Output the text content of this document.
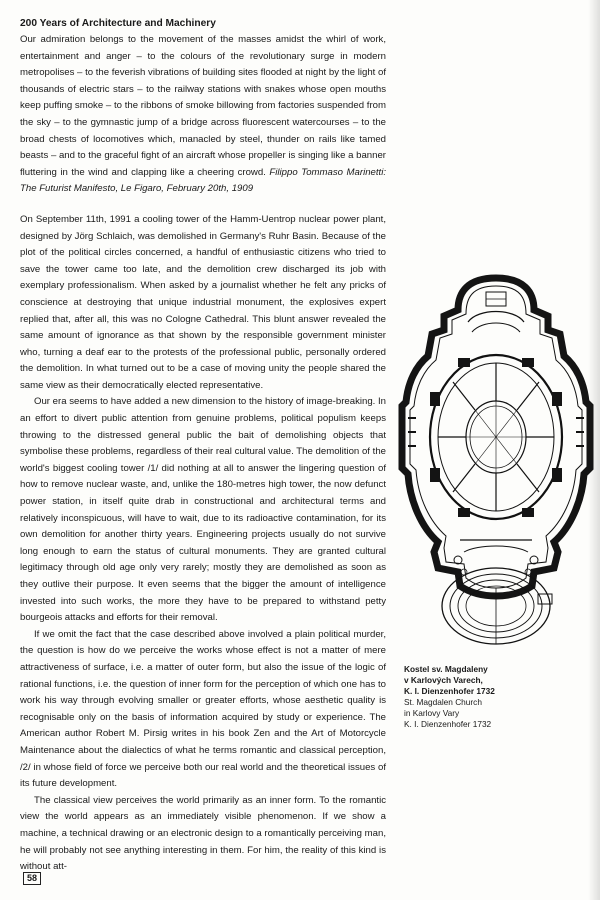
200 Years of Architecture and Machinery

Our admiration belongs to the movement of the masses amidst the whirl of work, entertainment and anger – to the colours of the revolutionary surge in modern metropolises – to the feverish vibrations of building sites flooded at night by the light of thousands of electric stars – to the railway stations with snakes whose open mouths keep puffing smoke – to the ribbons of smoke billowing from factories suspended from the sky – to the gymnastic jump of a bridge across fluorescent watercourses – to the broad chests of locomotives which, manacled by steel, thunder on rails like tamed beasts – and to the graceful fight of an aircraft whose propeller is singing like a banner fluttering in the wind and clapping like a cheering crowd. Filippo Tommaso Marinetti: The Futurist Manifesto, Le Figaro, February 20th, 1909

On September 11th, 1991 a cooling tower of the Hamm-Uentrop nuclear power plant, designed by Jörg Schlaich, was demolished in Germany's Ruhr Basin. Because of the plot of the political circles concerned, a handful of enthusiastic citizens who tried to save the tower came too late, and the demolition crew discharged its job with exemplary professionalism. When asked by a journalist whether he felt any pricks of conscience at destroying that unique industrial monument, the explosives expert replied that, after all, this was no Cologne Cathedral. This blunt answer revealed the same amount of ignorance as that shown by the responsible government minister who, turning a deaf ear to the protests of the professional public, personally ordered the demolition. In what turned out to be a case of moving unity the people shared the same view as their democratically elected representative.

Our era seems to have added a new dimension to the history of image-breaking. In an effort to divert public attention from genuine problems, political populism keeps throwing to the distressed general public the bait of demolishing objects that symbolise these problems, regardless of their real cultural value. The demolition of the world's biggest cooling tower /1/ did nothing at all to answer the lingering question of how to remove nuclear waste, and, unlike the 180-metres high tower, the now defunct power station, in itself quite drab in constructional and architectural terms and relatively inconspicuous, will have to wait, due to its radioactive contamination, for its own demolition for another thirty years. Engineering projects usually do not survive long enough to earn the status of cultural monuments. They are granted cultural legitimacy through old age only very rarely; mostly they are demolished as soon as they outlive their purpose. It even seems that the bigger the amount of intelligence invested into such works, the more they have to be prepared to withstand petty bourgeois attacks and efforts for their removal.

If we omit the fact that the case described above involved a plain political murder, the question is how do we perceive the works whose effect is not a matter of mere attractiveness of surface, i.e. a matter of outer form, but also the issue of the logic of rational functions, i.e. the question of inner form for the perception of which one has to work his way through evolving smaller or greater efforts, whose aesthetic quality is recognisable only on the basis of information acquired by study or experience. The American author Robert M. Pirsig writes in his book Zen and the Art of Motorcycle Maintenance about the dialectics of what he terms romantic and classical perception, /2/ in whose field of force we perceive both our real world and the theoretical issues of its future development.

The classical view perceives the world primarily as an inner form. To the romantic view the world appears as an immediately visible phenomenon. If we show a machine, a technical drawing or an electronic design to a romantically perceiving man, he will probably not see anything interesting in them. For him, the reality of this kind is without att-

Kostel sv. Magdaleny
v Karlových Varech,
K. I. Dienzenhofer 1732
St. Magdalen Church
in Karlovy Vary
K. I. Dienzenhofer 1732
58
